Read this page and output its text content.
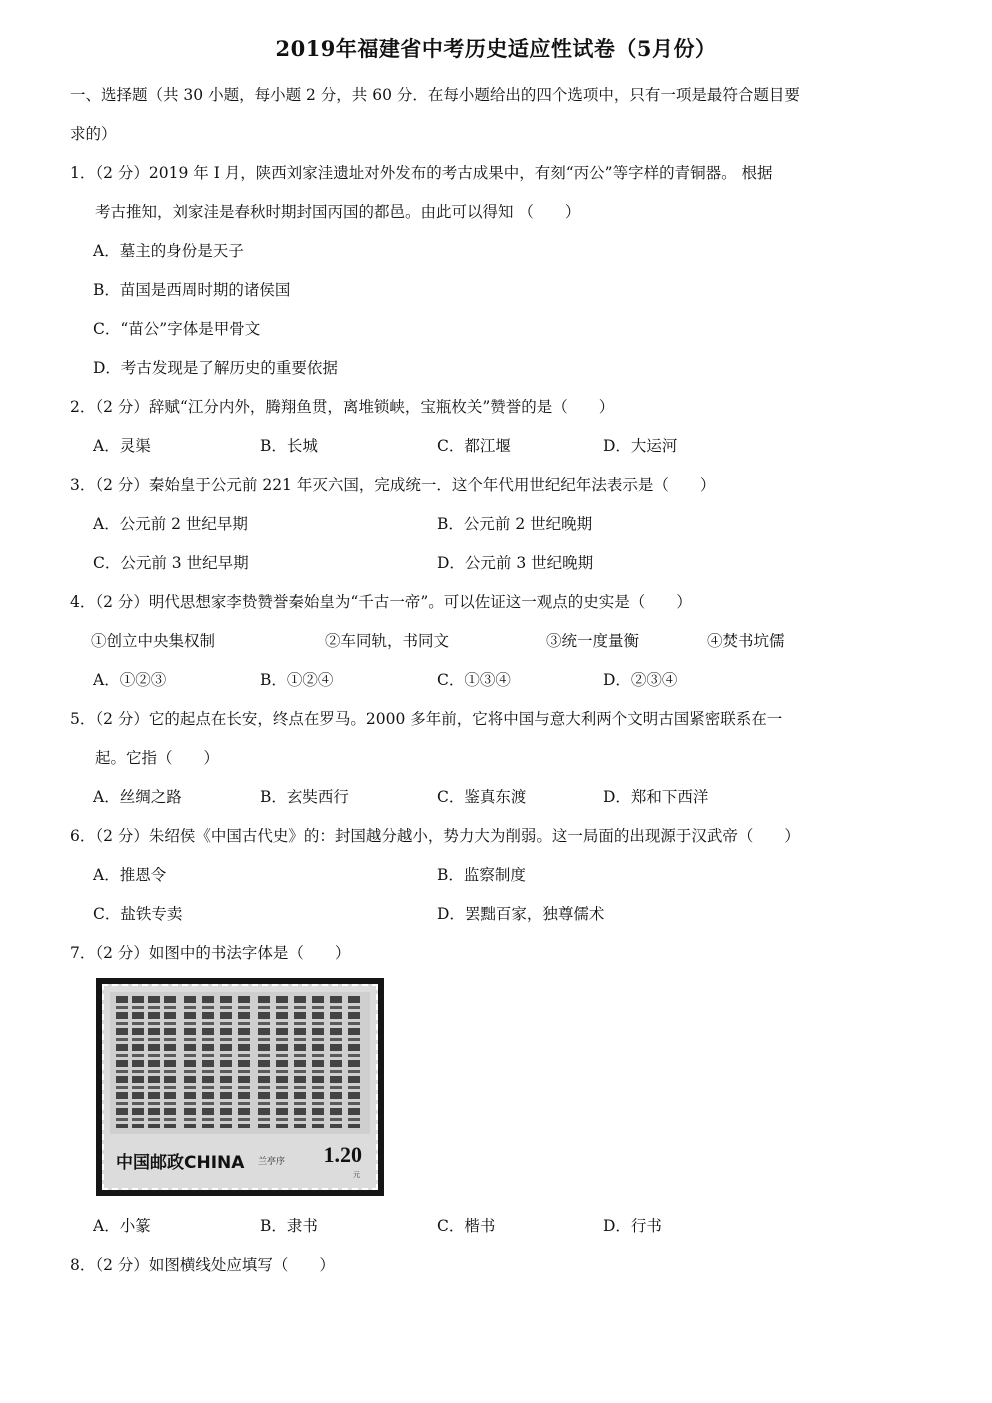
2019年福建省中考历史适应性试卷（5月份）
一、选择题（共 30 小题，每小题 2 分，共 60 分．在每小题给出的四个选项中，只有一项是最符合题目要
求的）
1．（2 分）2019 年 I 月，陕西刘家洼遗址对外发布的考古成果中，有刻“丙公”等字样的青铜器。 根据
考古推知，刘家洼是春秋时期封国丙国的都邑。由此可以得知 （　　）
A．墓主的身份是天子
B．苗国是西周时期的诸侯国
C．“苗公”字体是甲骨文
D．考古发现是了解历史的重要依据
2．（2 分）辞赋“江分内外，腾翔鱼贯，离堆锁峡，宝瓶枚关”赞誉的是（　　）
A．灵渠	B．长城	C．都江堰	D．大运河
3．（2 分）秦始皇于公元前 221 年灭六国，完成统一．这个年代用世纪纪年法表示是（　　）
A．公元前 2 世纪早期	B．公元前 2 世纪晚期
C．公元前 3 世纪早期	D．公元前 3 世纪晚期
4．（2 分）明代思想家李贽赞誉秦始皇为“千古一帝”。可以佐证这一观点的史实是（　　）
①创立中央集权制	②车同轨，书同文	③统一度量衡	④焚书坑儒
A．①②③	B．①②④	C．①③④	D．②③④
5．（2 分）它的起点在长安，终点在罗马。2000 多年前，它将中国与意大利两个文明古国紧密联系在一
起。它指（　　）
A．丝绸之路	B．玄奘西行	C．鉴真东渡	D．郑和下西洋
6．（2 分）朱绍侯《中国古代史》的：封国越分越小，势力大为削弱。这一局面的出现源于汉武帝（　　）
A．推恩令	B．监察制度
C．盐铁专卖	D．罢黜百家，独尊儒术
7．（2 分）如图中的书法字体是（　　）
中国邮政CHINA 兰亭序 1.20
元
A．小篆	B．隶书	C．楷书	D．行书
8．（2 分）如图横线处应填写（　　）
